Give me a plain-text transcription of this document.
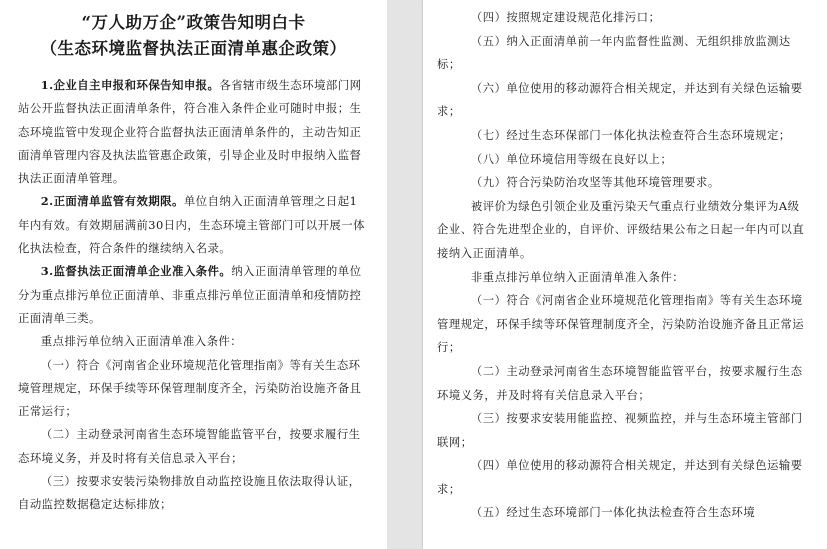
“万人助万企”政策告知明白卡
（生态环境监督执法正面清单惠企政策）

1.企业自主申报和环保告知申报。各省辖市级生态环境部门网站公开监督执法正面清单条件，符合准入条件企业可随时申报；生态环境监管中发现企业符合监督执法正面清单条件的，主动告知正面清单管理内容及执法监管惠企政策，引导企业及时申报纳入监督执法正面清单管理。

2.正面清单监管有效期限。单位自纳入正面清单管理之日起1年内有效。有效期届满前30日内，生态环境主管部门可以开展一体化执法检查，符合条件的继续纳入名录。

3.监督执法正面清单企业准入条件。纳入正面清单管理的单位分为重点排污单位正面清单、非重点排污单位正面清单和疫情防控正面清单三类。

重点排污单位纳入正面清单准入条件：

（一）符合《河南省企业环境规范化管理指南》等有关生态环境管理规定，环保手续等环保管理制度齐全，污染防治设施齐备且正常运行；

（二）主动登录河南省生态环境智能监管平台，按要求履行生态环境义务，并及时将有关信息录入平台；

（三）按要求安装污染物排放自动监控设施且依法取得认证，自动监控数据稳定达标排放；

（四）按照规定建设规范化排污口；

（五）纳入正面清单前一年内监督性监测、无组织排放监测达标；

（六）单位使用的移动源符合相关规定，并达到有关绿色运输要求；

（七）经过生态环保部门一体化执法检查符合生态环境规定；

（八）单位环境信用等级在良好以上；

（九）符合污染防治攻坚等其他环境管理要求。

被评价为绿色引领企业及重污染天气重点行业绩效分集评为A级企业、符合先进型企业的，自评价、评级结果公布之日起一年内可以直接纳入正面清单。

非重点排污单位纳入正面清单准入条件：

（一）符合《河南省企业环境规范化管理指南》等有关生态环境管理规定，环保手续等环保管理制度齐全，污染防治设施齐备且正常运行；

（二）主动登录河南省生态环境智能监管平台，按要求履行生态环境义务，并及时将有关信息录入平台；

（三）按要求安装用能监控、视频监控，并与生态环境主管部门联网；

（四）单位使用的移动源符合相关规定，并达到有关绿色运输要求；

（五）经过生态环境部门一体化执法检查符合生态环境
